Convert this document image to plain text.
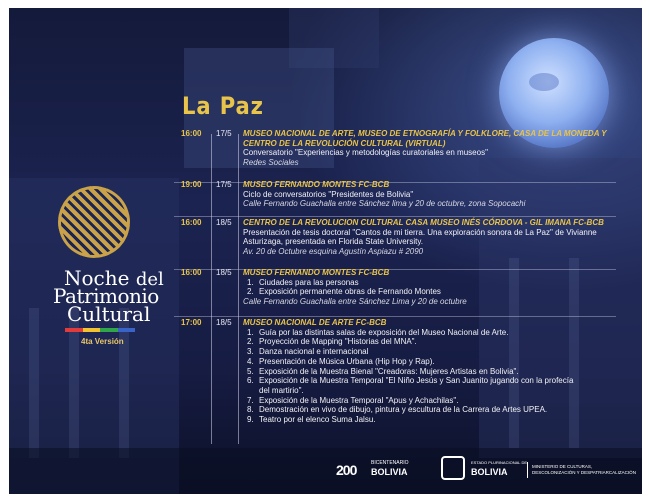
Noche del
Patrimonio
Cultural
4ta Versión
La Paz
16:00 17/5 MUSEO NACIONAL DE ARTE, MUSEO DE ETNOGRAFÍA Y FOLKLORE, CASA DE LA MONEDA Y CENTRO DE LA REVOLUCIÓN CULTURAL (VIRTUAL)
Conversatorio "Experiencias y metodologías curatoriales en museos"
Redes Sociales
19:00 17/5 MUSEO FERNANDO MONTES FC-BCB
Ciclo de conversatorios "Presidentes de Bolivia"
Calle Fernando Guachalla entre Sánchez lima y 20 de octubre, zona Sopocachi
16:00 18/5 CENTRO DE LA REVOLUCION CULTURAL CASA MUSEO INÉS CÓRDOVA - GIL IMANA FC-BCB
Presentación de tesis doctoral "Cantos de mi tierra. Una exploración sonora de La Paz" de Vivianne Asturizaga, presentada en Florida State University.
Av. 20 de Octubre esquina Agustín Aspiazu # 2090
16:00 18/5 MUSEO FERNANDO MONTES FC-BCB
1. Ciudades para las personas
2. Exposición permanente obras de Fernando Montes
Calle Fernando Guachalla entre Sánchez Lima y 20 de octubre
17:00 18/5 MUSEO NACIONAL DE ARTE FC-BCB
1. Guía por las distintas salas de exposición del Museo Nacional de Arte.
2. Proyección de Mapping "Historias del MNA".
3. Danza nacional e internacional
4. Presentación de Música Urbana (Hip Hop y Rap).
5. Exposición de la Muestra Bienal "Creadoras: Mujeres Artistas en Bolivia".
6. Exposición de la Muestra Temporal "El Niño Jesús y San Juanito jugando con la profecía
del martirio".
7. Exposición de la Muestra Temporal "Apus y Achachilas".
8. Demostración en vivo de dibujo, pintura y escultura de la Carrera de Artes UPEA.
9. Teatro por el elenco Suma Jalsu.
200	BICENTENARIO
BOLIVIA
ESTADO PLURINACIONAL DE
BOLIVIA
MINISTERIO DE CULTURAS,
DESCOLONIZACIÓN Y DESPATRIARCALIZACIÓN
